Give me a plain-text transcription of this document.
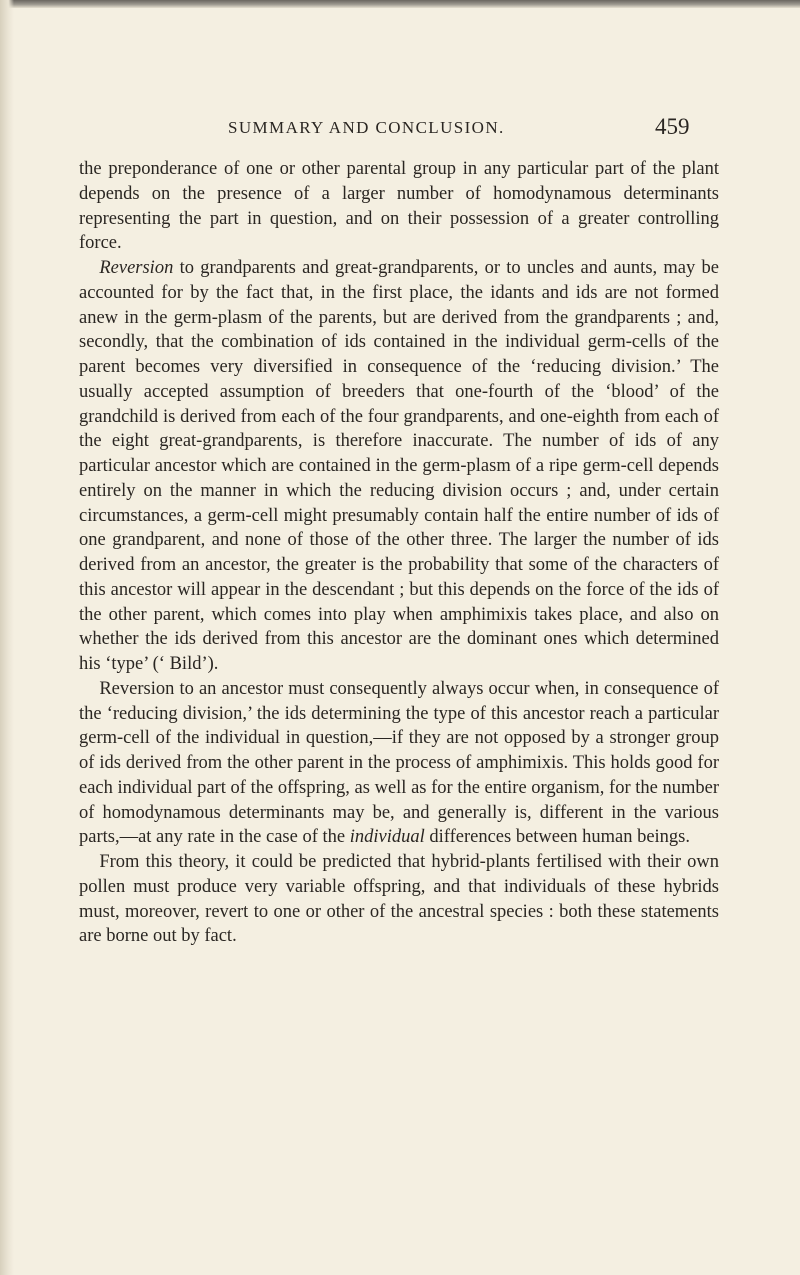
SUMMARY AND CONCLUSION.	459

the preponderance of one or other parental group in any particular part of the plant depends on the presence of a larger number of homodynamous determinants representing the part in question, and on their possession of a greater controlling force.

Reversion to grandparents and great-grandparents, or to uncles and aunts, may be accounted for by the fact that, in the first place, the idants and ids are not formed anew in the germ-plasm of the parents, but are derived from the grandparents ; and, secondly, that the combination of ids contained in the individual germ-cells of the parent becomes very diversified in consequence of the ‘reducing division.’ The usually accepted assumption of breeders that one-fourth of the ‘blood’ of the grandchild is derived from each of the four grandparents, and one-eighth from each of the eight great-grandparents, is therefore inaccurate. The number of ids of any particular ancestor which are contained in the germ-plasm of a ripe germ-cell depends entirely on the manner in which the reducing division occurs ; and, under certain circumstances, a germ-cell might presumably contain half the entire number of ids of one grandparent, and none of those of the other three. The larger the number of ids derived from an ancestor, the greater is the probability that some of the characters of this ancestor will appear in the descendant ; but this depends on the force of the ids of the other parent, which comes into play when amphimixis takes place, and also on whether the ids derived from this ancestor are the dominant ones which determined his ‘type’ (‘ Bild’).

Reversion to an ancestor must consequently always occur when, in consequence of the ‘reducing division,’ the ids determining the type of this ancestor reach a particular germ-cell of the individual in question,—if they are not opposed by a stronger group of ids derived from the other parent in the process of amphimixis. This holds good for each individual part of the offspring, as well as for the entire organism, for the number of homodynamous determinants may be, and generally is, different in the various parts,—at any rate in the case of the individual differences between human beings.

From this theory, it could be predicted that hybrid-plants fertilised with their own pollen must produce very variable offspring, and that individuals of these hybrids must, moreover, revert to one or other of the ancestral species : both these statements are borne out by fact.
